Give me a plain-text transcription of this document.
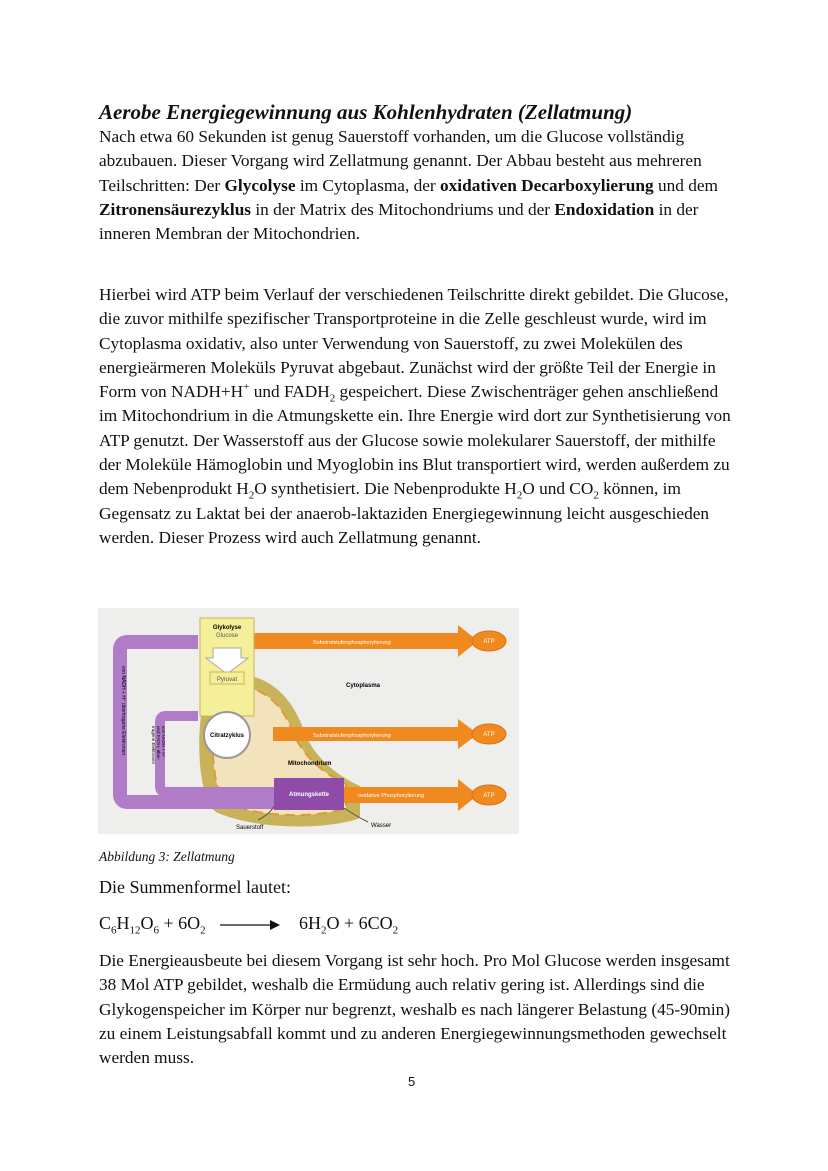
Aerobe Energiegewinnung aus Kohlenhydraten (Zellatmung)

Nach etwa 60 Sekunden ist genug Sauerstoff vorhanden, um die Glucose vollständig abzubauen. Dieser Vorgang wird Zellatmung genannt. Der Abbau besteht aus mehreren Teilschritten: Der Glycolyse im Cytoplasma, der oxidativen Decarboxylierung und dem Zitronensäurezyklus in der Matrix des Mitochondriums und der Endoxidation in der inneren Membran der Mitochondrien.

Hierbei wird ATP beim Verlauf der verschiedenen Teilschritte direkt gebildet. Die Glucose, die zuvor mithilfe spezifischer Transportproteine in die Zelle geschleust wurde, wird im Cytoplasma oxidativ, also unter Verwendung von Sauerstoff, zu zwei Molekülen des energieärmeren Moleküls Pyruvat abgebaut. Zunächst wird der größte Teil der Energie in Form von NADH+H+ und $FADH_2$ gespeichert. Diese Zwischenträger gehen anschließend im Mitochondrium in die Atmungskette ein. Ihre Energie wird dort zur Synthetisierung von ATP genutzt. Der Wasserstoff aus der Glucose sowie molekularer Sauerstoff, der mithilfe der Moleküle Hämoglobin und Myoglobin ins Blut transportiert wird, werden außerdem zu dem Nebenprodukt $H_2O$ synthetisiert. Die Nebenprodukte $H_2O$ und $CO_2$ können, im Gegensatz zu Laktat bei der anaerob-laktaziden Energiegewinnung leicht ausgeschieden werden. Dieser Prozess wird auch Zellatmung genannt.

Glykolyse
Glucose
Pyruvat
Citratzyklus
Mitochondrium
Atmungskette
Cytoplasma
Substratstufenphosphorylierung
Substratstufenphosphorylierung
oxidative Phosphorylierung
ATP
ATP
ATP
Sauerstoff	Wasser
von NADH + H⁺ übertragene Elektronen	von NADH + H⁺
und FADH₂ über-
tragene Elektronen
Abbildung 3: Zellatmung
Die Summenformel lautet:
$C_6H_{12}O_6 + 6O_2 \to 6H_2O + 6CO_2$

Die Energieausbeute bei diesem Vorgang ist sehr hoch. Pro Mol Glucose werden insgesamt 38 Mol ATP gebildet, weshalb die Ermüdung auch relativ gering ist. Allerdings sind die Glykogenspeicher im Körper nur begrenzt, weshalb es nach längerer Belastung (45-90min) zu einem Leistungsabfall kommt und zu anderen Energiegewinnungsmethoden gewechselt werden muss.

5
